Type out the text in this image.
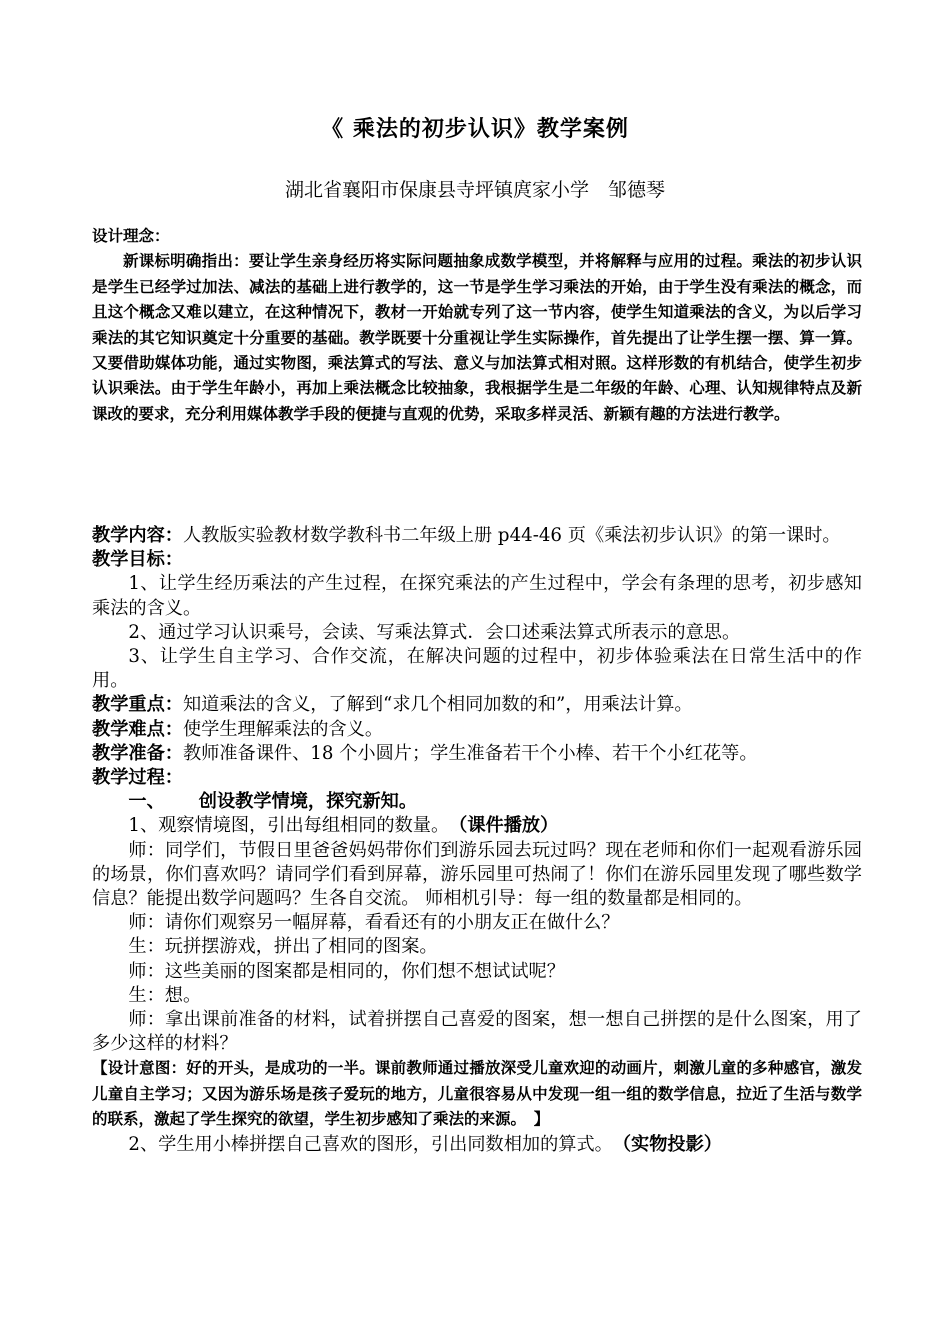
《 乘法的初步认识》教学案例
湖北省襄阳市保康县寺坪镇庹家小学　邹德琴

设计理念：

新课标明确指出：要让学生亲身经历将实际问题抽象成数学模型，并将解释与应用的过程。乘法的初步认识是学生已经学过加法、减法的基础上进行教学的，这一节是学生学习乘法的开始，由于学生没有乘法的概念，而且这个概念又难以建立，在这种情况下，教材一开始就专列了这一节内容，使学生知道乘法的含义，为以后学习乘法的其它知识奠定十分重要的基础。教学既要十分重视让学生实际操作，首先提出了让学生摆一摆、算一算。又要借助媒体功能，通过实物图，乘法算式的写法、意义与加法算式相对照。这样形数的有机结合，使学生初步认识乘法。由于学生年龄小，再加上乘法概念比较抽象，我根据学生是二年级的年龄、心理、认知规律特点及新课改的要求，充分利用媒体教学手段的便捷与直观的优势，采取多样灵活、新颖有趣的方法进行教学。

教学内容：人教版实验教材数学教科书二年级上册 p44-46 页《乘法初步认识》的第一课时。

教学目标：

1、让学生经历乘法的产生过程，在探究乘法的产生过程中，学会有条理的思考，初步感知乘法的含义。

2、通过学习认识乘号，会读、写乘法算式．会口述乘法算式所表示的意思。

3、让学生自主学习、合作交流，在解决问题的过程中，初步体验乘法在日常生活中的作用。

教学重点：知道乘法的含义，了解到“求几个相同加数的和”，用乘法计算。

教学难点：使学生理解乘法的含义。

教学准备：教师准备课件、18 个小圆片；学生准备若干个小棒、若干个小红花等。

教学过程：

一、 创设教学情境，探究新知。

1、观察情境图，引出每组相同的数量。　 （课件播放）

师：同学们，节假日里爸爸妈妈带你们到游乐园去玩过吗？现在老师和你们一起观看游乐园的场景，你们喜欢吗？请同学们看到屏幕，游乐园里可热闹了！你们在游乐园里发现了哪些数学信息？能提出数学问题吗？生各自交流。 师相机引导：每一组的数量都是相同的。

师：请你们观察另一幅屏幕，看看还有的小朋友正在做什么？

生：玩拼摆游戏，拼出了相同的图案。

师：这些美丽的图案都是相同的，你们想不想试试呢？

生：想。

师：拿出课前准备的材料，试着拼摆自己喜爱的图案，想一想自己拼摆的是什么图案，用了多少这样的材料？

【设计意图：好的开头，是成功的一半。课前教师通过播放深受儿童欢迎的动画片，刺激儿童的多种感官，激发儿童自主学习；又因为游乐场是孩子爱玩的地方，儿童很容易从中发现一组一组的数学信息，拉近了生活与数学的联系，激起了学生探究的欲望，学生初步感知了乘法的来源。　】

2、学生用小棒拼摆自己喜欢的图形，引出同数相加的算式。　 （实物投影）
